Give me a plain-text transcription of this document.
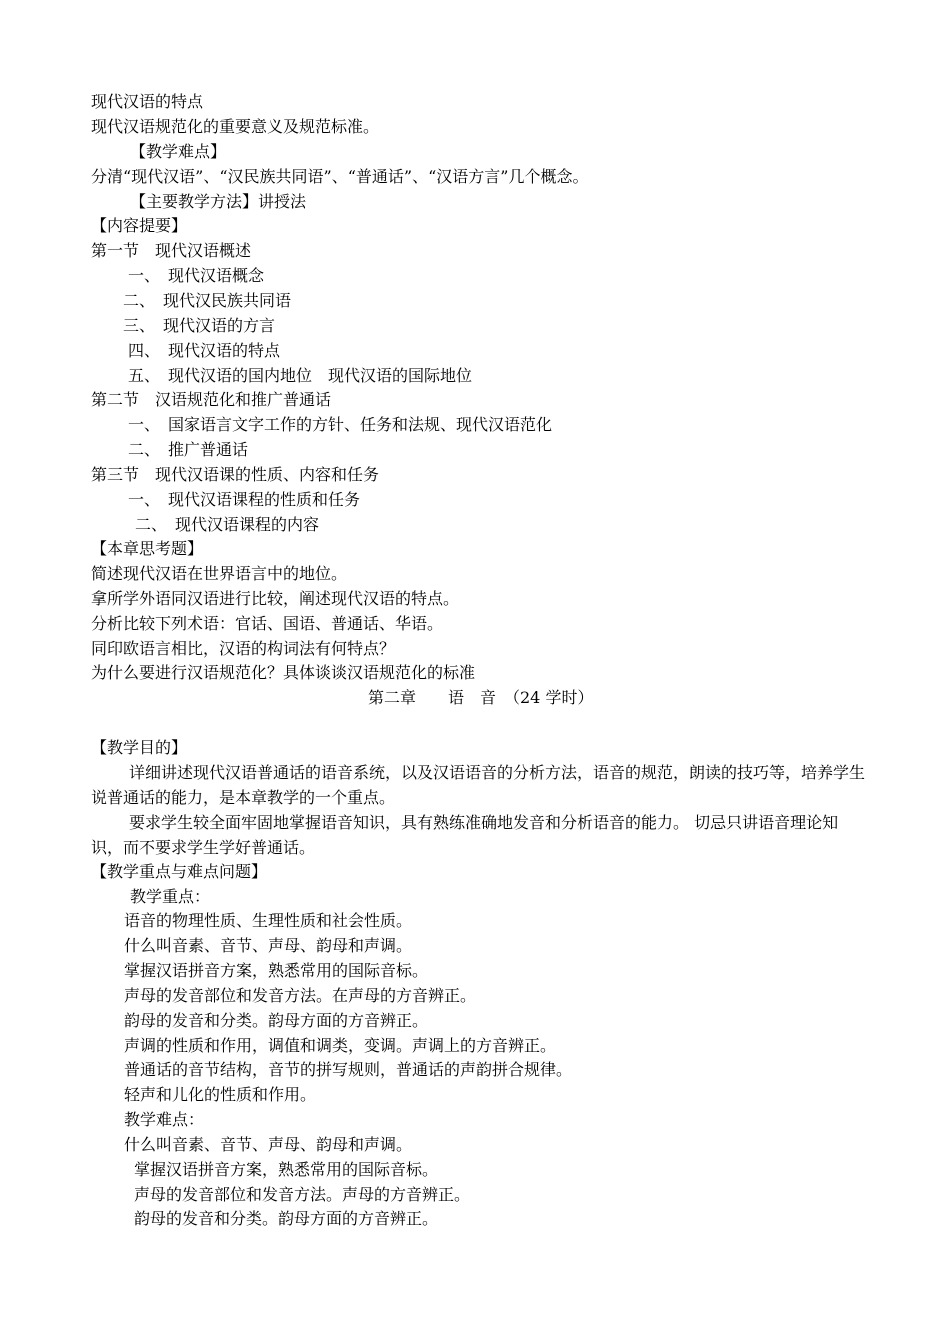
现代汉语的特点
现代汉语规范化的重要意义及规范标准。
【教学难点】
分清“现代汉语”、“汉民族共同语”、“普通话”、“汉语方言”几个概念。
【主要教学方法】讲授法
【内容提要】
第一节　现代汉语概述
一、　现代汉语概念
二、　现代汉民族共同语
三、　现代汉语的方言
四、　现代汉语的特点
五、　现代汉语的国内地位　现代汉语的国际地位
第二节　汉语规范化和推广普通话
一、　国家语言文字工作的方针、任务和法规、现代汉语范化
二、　推广普通话
第三节　现代汉语课的性质、内容和任务
一、　现代汉语课程的性质和任务
二、　现代汉语课程的内容
【本章思考题】
简述现代汉语在世界语言中的地位。
拿所学外语同汉语进行比较，阐述现代汉语的特点。
分析比较下列术语：官话、国语、普通话、华语。
同印欧语言相比，汉语的构词法有何特点？
为什么要进行汉语规范化？具体谈谈汉语规范化的标准
第二章　　语　音　（24 学时）
【教学目的】
详细讲述现代汉语普通话的语音系统，以及汉语语音的分析方法，语音的规范，朗读的技巧等，培养学生说普通话的能力，是本章教学的一个重点。
要求学生较全面牢固地掌握语音知识，具有熟练准确地发音和分析语音的能力。 切忌只讲语音理论知识，而不要求学生学好普通话。
【教学重点与难点问题】
教学重点：
语音的物理性质、生理性质和社会性质。
什么叫音素、音节、声母、韵母和声调。
掌握汉语拼音方案，熟悉常用的国际音标。
声母的发音部位和发音方法。在声母的方音辨正。
韵母的发音和分类。韵母方面的方音辨正。
声调的性质和作用，调值和调类，变调。声调上的方音辨正。
普通话的音节结构，音节的拼写规则，普通话的声韵拼合规律。
轻声和儿化的性质和作用。
教学难点：
什么叫音素、音节、声母、韵母和声调。
掌握汉语拼音方案，熟悉常用的国际音标。
声母的发音部位和发音方法。声母的方音辨正。
韵母的发音和分类。韵母方面的方音辨正。
